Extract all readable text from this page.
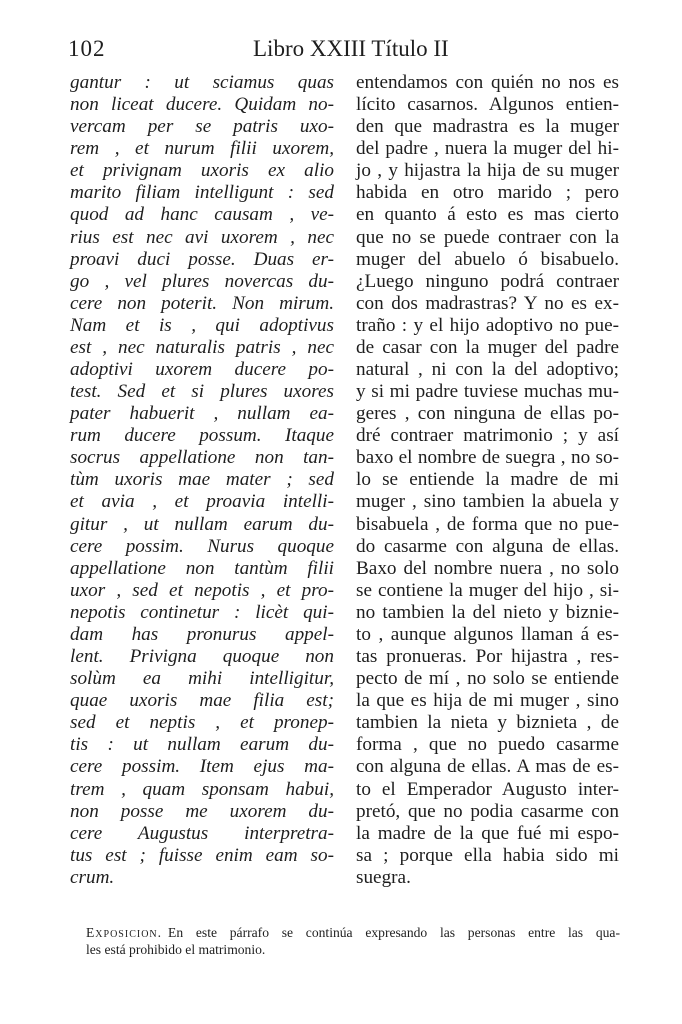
102	Libro XXIII Título II
gantur : ut sciamus quas
non liceat ducere. Quidam no-
vercam per se patris uxo-
rem , et nurum filii uxorem,
et privignam uxoris ex alio
marito filiam intelligunt : sed
quod ad hanc causam , ve-
rius est nec avi uxorem , nec
proavi duci posse. Duas er-
go , vel plures novercas du-
cere non poterit. Non mirum.
Nam et is , qui adoptivus
est , nec naturalis patris , nec
adoptivi uxorem ducere po-
test. Sed et si plures uxores
pater habuerit , nullam ea-
rum ducere possum. Itaque
socrus appellatione non tan-
tùm uxoris mae mater ; sed
et avia , et proavia intelli-
gitur , ut nullam earum du-
cere possim. Nurus quoque
appellatione non tantùm filii
uxor , sed et nepotis , et pro-
nepotis continetur : licèt qui-
dam has pronurus appel-
lent. Privigna quoque non
solùm ea mihi intelligitur,
quae uxoris mae filia est;
sed et neptis , et pronep-
tis : ut nullam earum du-
cere possim. Item ejus ma-
trem , quam sponsam habui,
non posse me uxorem du-
cere Augustus interpretra-
tus est ; fuisse enim eam so-
crum.
entendamos con quién no nos es
lícito casarnos. Algunos entien-
den que madrastra es la muger
del padre , nuera la muger del hi-
jo , y hijastra la hija de su muger
habida en otro marido ; pero
en quanto á esto es mas cierto
que no se puede contraer con la
muger del abuelo ó bisabuelo.
¿Luego ninguno podrá contraer
con dos madrastras? Y no es ex-
traño : y el hijo adoptivo no pue-
de casar con la muger del padre
natural , ni con la del adoptivo;
y si mi padre tuviese muchas mu-
geres , con ninguna de ellas po-
dré contraer matrimonio ; y así
baxo el nombre de suegra , no so-
lo se entiende la madre de mi
muger , sino tambien la abuela y
bisabuela , de forma que no pue-
do casarme con alguna de ellas.
Baxo del nombre nuera , no solo
se contiene la muger del hijo , si-
no tambien la del nieto y biznie-
to , aunque algunos llaman á es-
tas pronueras. Por hijastra , res-
pecto de mí , no solo se entiende
la que es hija de mi muger , sino
tambien la nieta y biznieta , de
forma , que no puedo casarme
con alguna de ellas. A mas de es-
to el Emperador Augusto inter-
pretó, que no podia casarme con
la madre de la que fué mi espo-
sa ; porque ella habia sido mi
suegra.
Exposicion. En este párrafo se continúa expresando las personas entre las qua-
les está prohibido el matrimonio.
